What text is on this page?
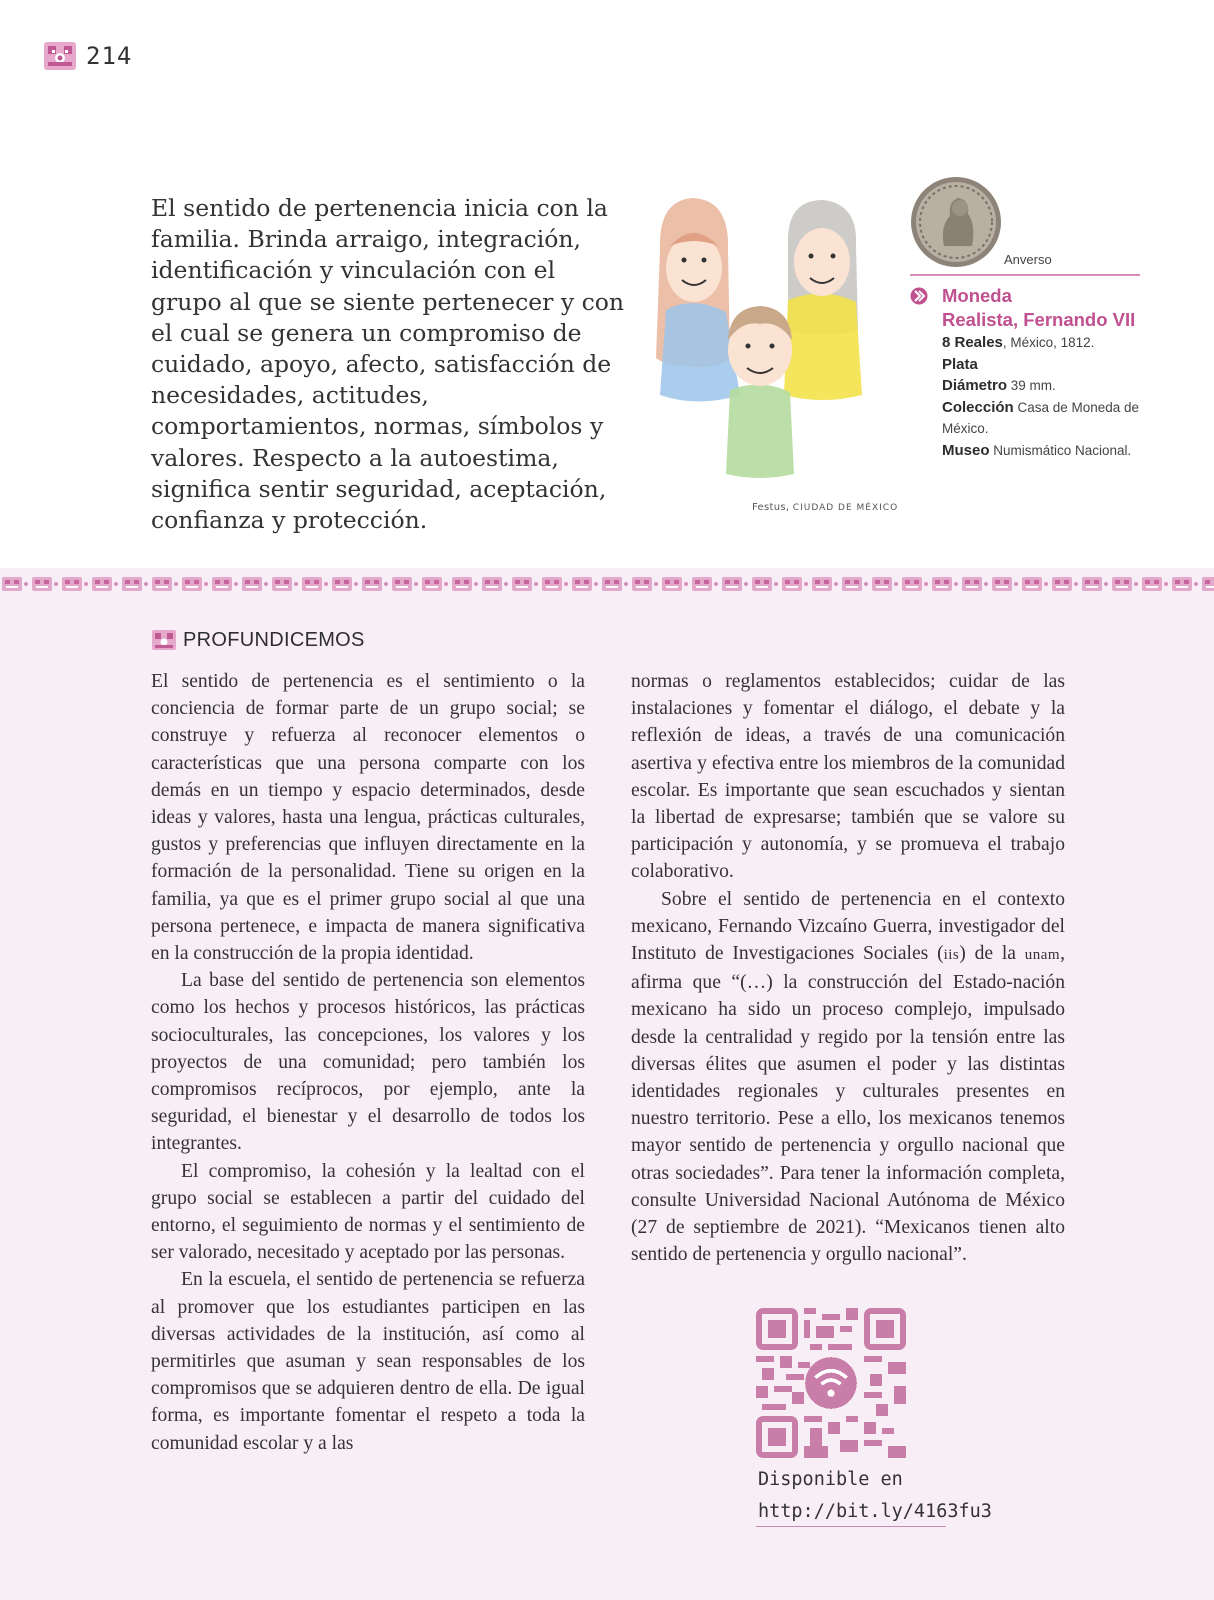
214

El sentido de pertenencia inicia con la familia. Brinda arraigo, integración, identificación y vinculación con el grupo al que se siente pertenecer y con el cual se genera un compromiso de cuidado, apoyo, afecto, satisfacción de necesidades, actitudes, comportamientos, normas, símbolos y valores. Respecto a la autoestima, significa sentir seguridad, aceptación, confianza y protección.	Festus, CIUDAD DE MÉXICO
Anverso
Moneda
Realista, Fernando VII
8 Reales, México, 1812.
Plata
Diámetro 39 mm.
Colección Casa de Moneda de México.
Museo Numismático Nacional.
PROFUNDICEMOS

El sentido de pertenencia es el sentimiento o la conciencia de formar parte de un grupo social; se construye y refuerza al reconocer elementos o características que una persona comparte con los demás en un tiempo y espacio determinados, desde ideas y valores, hasta una lengua, prácticas culturales, gustos y preferencias que influyen directamente en la formación de la personalidad. Tiene su origen en la familia, ya que es el primer grupo social al que una persona pertenece, e impacta de manera significativa en la construcción de la propia identidad.

La base del sentido de pertenencia son elementos como los hechos y procesos históricos, las prácticas socioculturales, las concepciones, los valores y los proyectos de una comunidad; pero también los compromisos recíprocos, por ejemplo, ante la seguridad, el bienestar y el desarrollo de todos los integrantes.

El compromiso, la cohesión y la lealtad con el grupo social se establecen a partir del cuidado del entorno, el seguimiento de normas y el sentimiento de ser valorado, necesitado y aceptado por las personas.

En la escuela, el sentido de pertenencia se refuerza al promover que los estudiantes participen en las diversas actividades de la institución, así como al permitirles que asuman y sean responsables de los compromisos que se adquieren dentro de ella. De igual forma, es importante fomentar el respeto a toda la comunidad escolar y a las

normas o reglamentos establecidos; cuidar de las instalaciones y fomentar el diálogo, el debate y la reflexión de ideas, a través de una comunicación asertiva y efectiva entre los miembros de la comunidad escolar. Es importante que sean escuchados y sientan la libertad de expresarse; también que se valore su participación y autonomía, y se promueva el trabajo colaborativo.

Sobre el sentido de pertenencia en el contexto mexicano, Fernando Vizcaíno Guerra, investigador del Instituto de Investigaciones Sociales (iis) de la unam, afirma que “(…) la construcción del Estado-nación mexicano ha sido un proceso complejo, impulsado desde la centralidad y regido por la tensión entre las diversas élites que asumen el poder y las distintas identidades regionales y culturales presentes en nuestro territorio. Pese a ello, los mexicanos tenemos mayor sentido de pertenencia y orgullo nacional que otras sociedades”. Para tener la información completa, consulte Universidad Nacional Autónoma de México (27 de septiembre de 2021). “Mexicanos tienen alto sentido de pertenencia y orgullo nacional”.

Disponible en
http://bit.ly/4163fu3
